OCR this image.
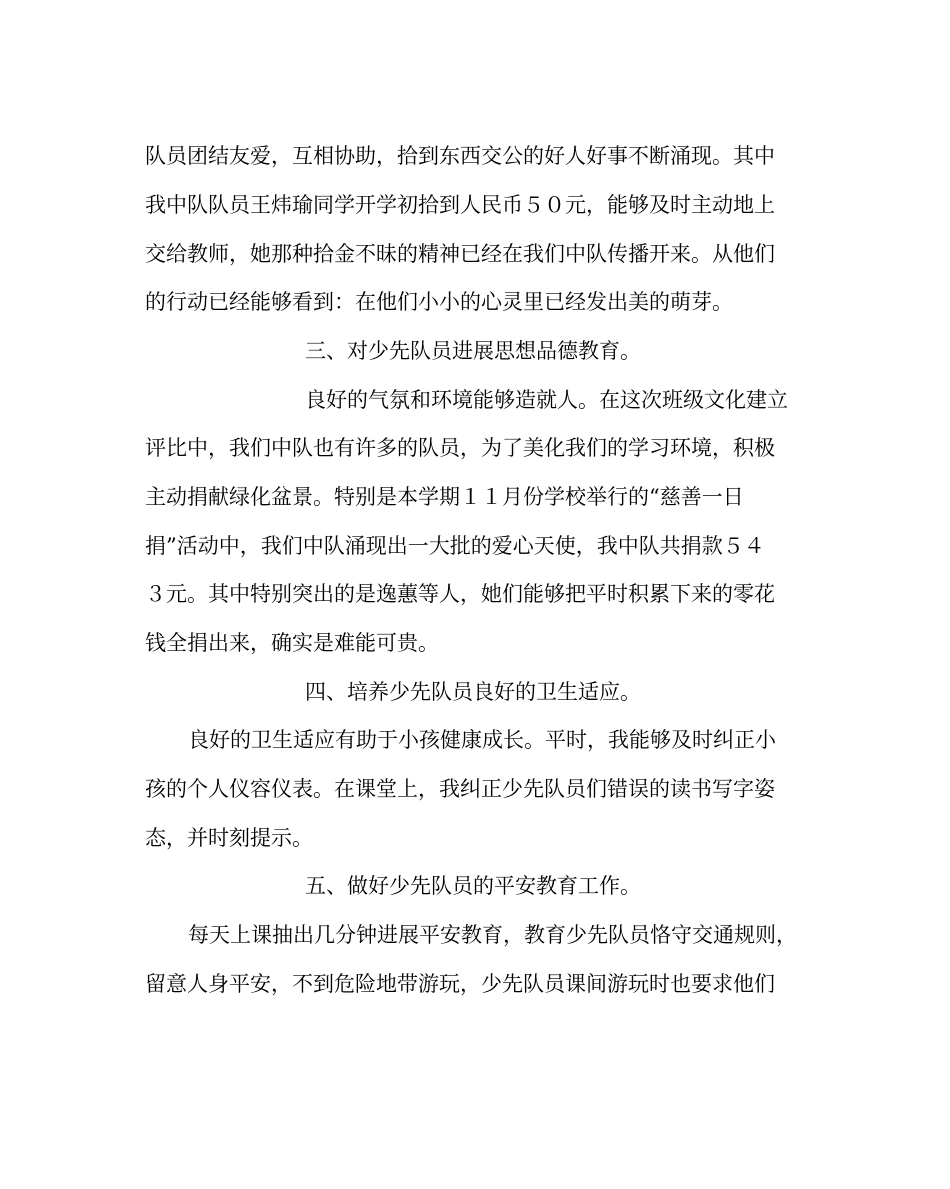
队员团结友爱，互相协助，拾到东西交公的好人好事不断涌现。其中
我中队队员王炜瑜同学开学初拾到人民币５０元，能够及时主动地上
交给教师，她那种拾金不昧的精神已经在我们中队传播开来。从他们
的行动已经能够看到：在他们小小的心灵里已经发出美的萌芽。
三、对少先队员进展思想品德教育。
良好的气氛和环境能够造就人。在这次班级文化建立
评比中，我们中队也有许多的队员，为了美化我们的学习环境，积极
主动捐献绿化盆景。特别是本学期１１月份学校举行的“慈善一日
捐”活动中，我们中队涌现出一大批的爱心天使，我中队共捐款５４
３元。其中特别突出的是逸蕙等人，她们能够把平时积累下来的零花
钱全捐出来，确实是难能可贵。
四、培养少先队员良好的卫生适应。
良好的卫生适应有助于小孩健康成长。平时，我能够及时纠正小
孩的个人仪容仪表。在课堂上，我纠正少先队员们错误的读书写字姿
态，并时刻提示。
五、做好少先队员的平安教育工作。
每天上课抽出几分钟进展平安教育，教育少先队员恪守交通规则，
留意人身平安，不到危险地带游玩，少先队员课间游玩时也要求他们
